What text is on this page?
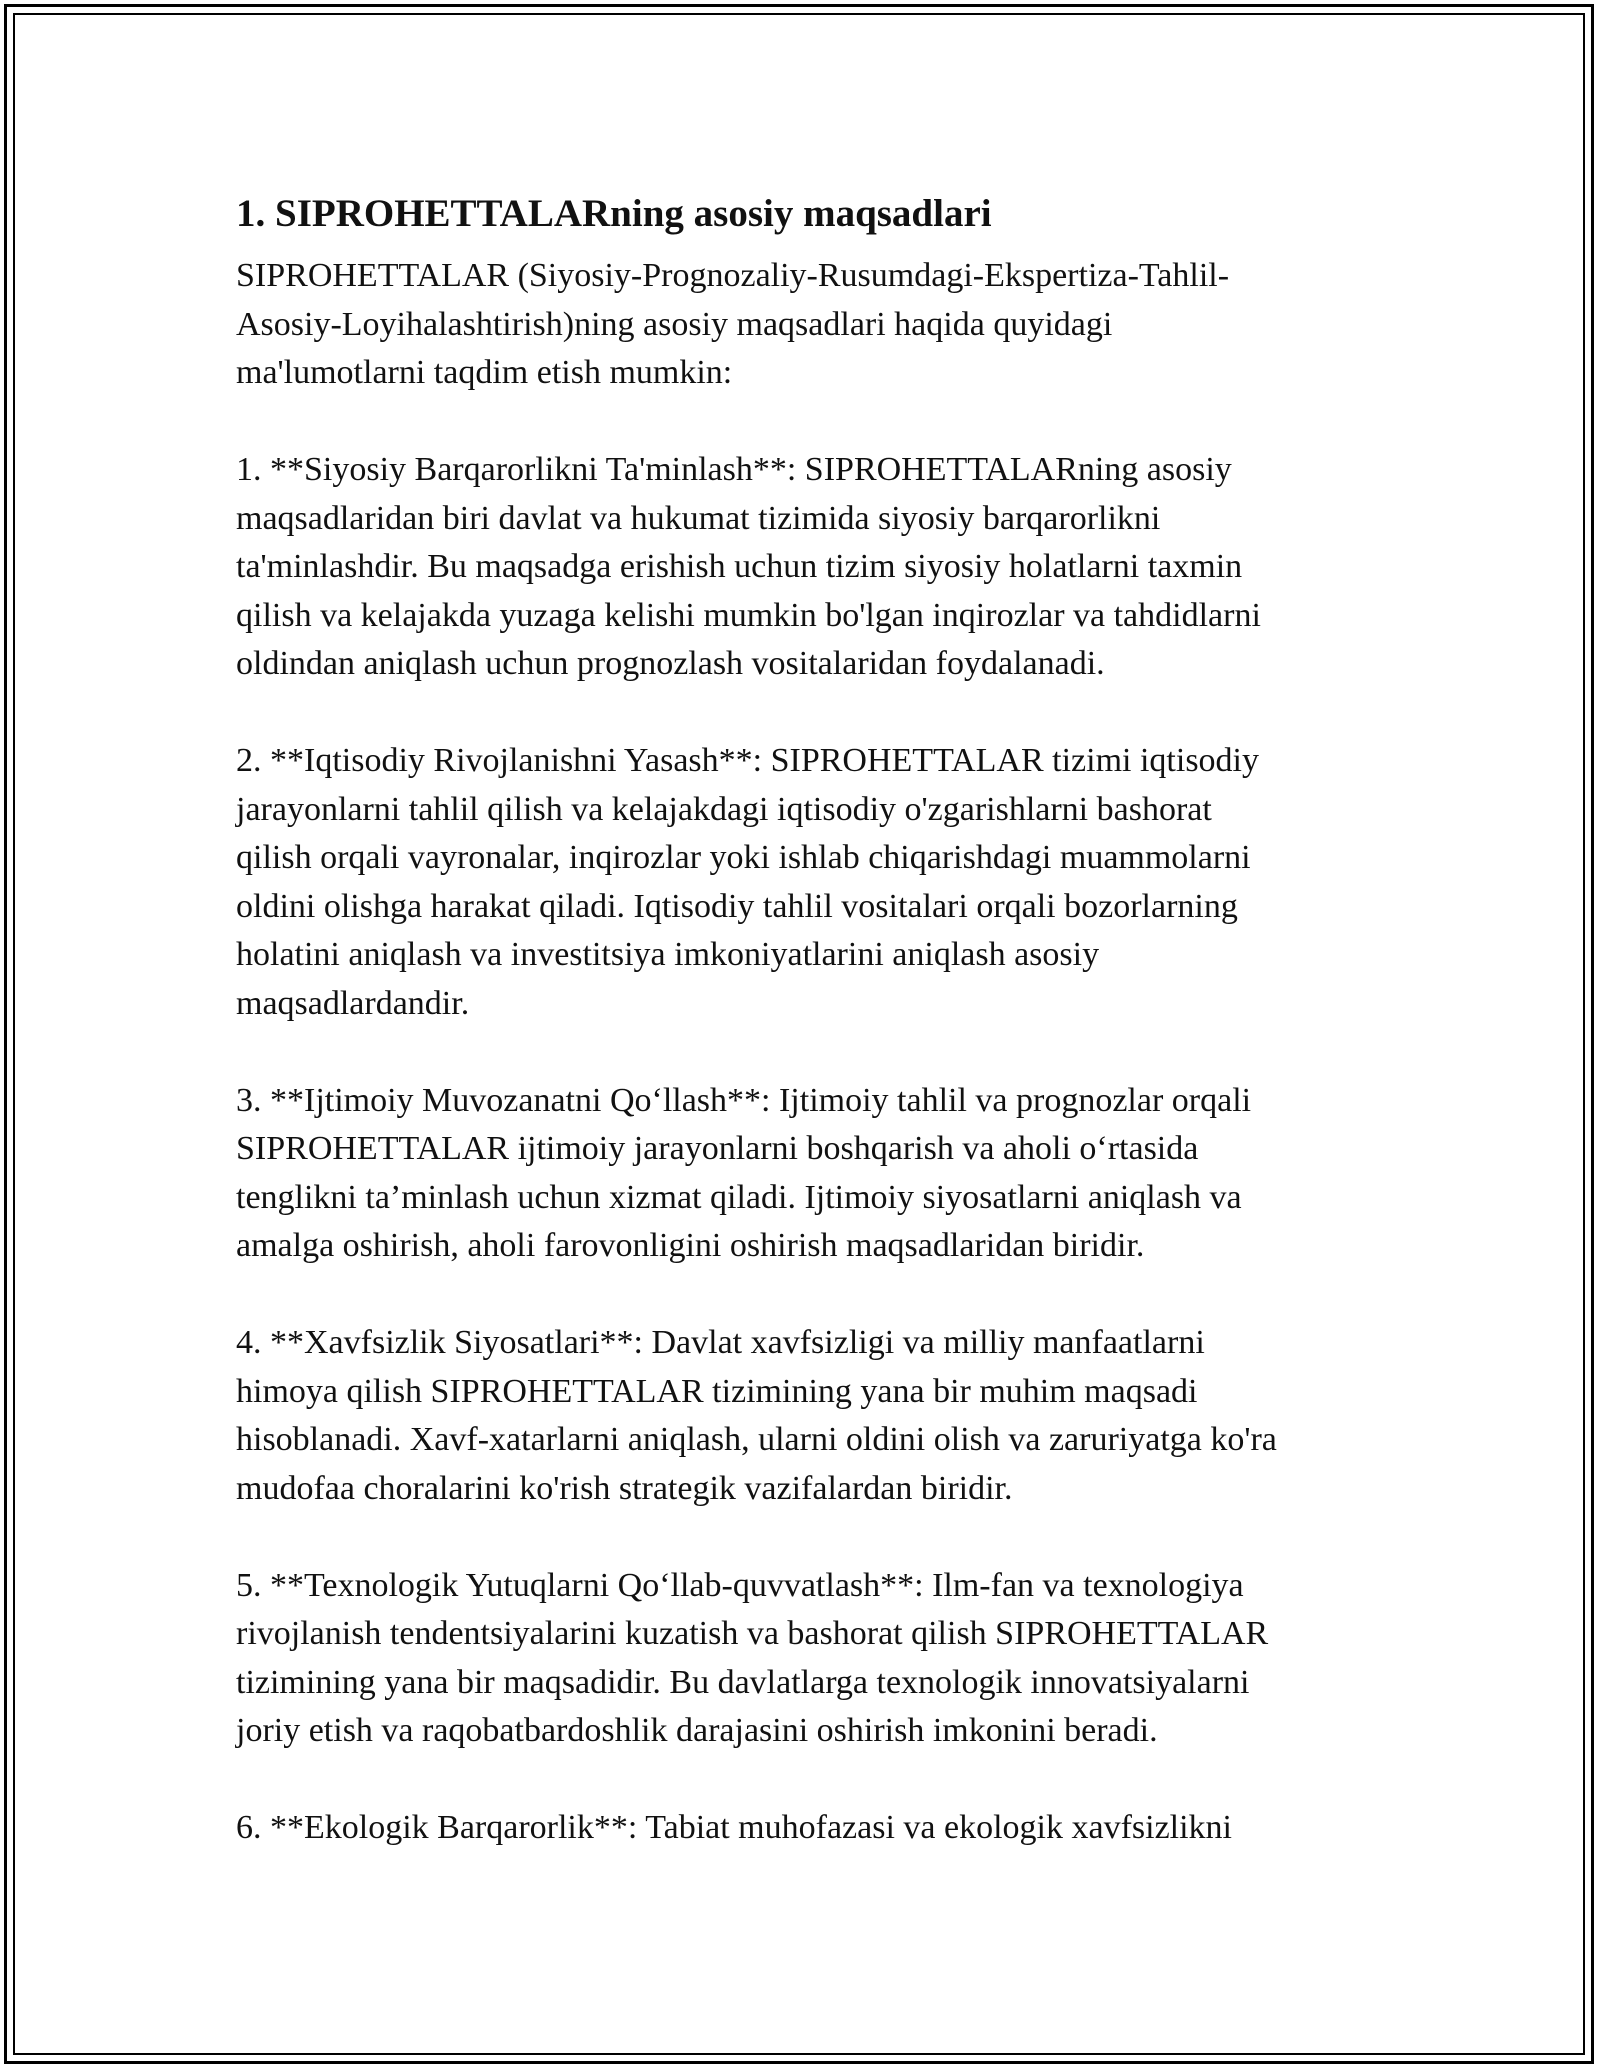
1. SIPROHETTALARning asosiy maqsadlari
SIPROHETTALAR (Siyosiy-Prognozaliy-Rusumdagi-Ekspertiza-Tahlil-
Asosiy-Loyihalashtirish)ning asosiy maqsadlari haqida quyidagi
ma'lumotlarni taqdim etish mumkin:
1. **Siyosiy Barqarorlikni Ta'minlash**: SIPROHETTALARning asosiy
maqsadlaridan biri davlat va hukumat tizimida siyosiy barqarorlikni
ta'minlashdir. Bu maqsadga erishish uchun tizim siyosiy holatlarni taxmin
qilish va kelajakda yuzaga kelishi mumkin bo'lgan inqirozlar va tahdidlarni
oldindan aniqlash uchun prognozlash vositalaridan foydalanadi.
2. **Iqtisodiy Rivojlanishni Yasash**: SIPROHETTALAR tizimi iqtisodiy
jarayonlarni tahlil qilish va kelajakdagi iqtisodiy o'zgarishlarni bashorat
qilish orqali vayronalar, inqirozlar yoki ishlab chiqarishdagi muammolarni
oldini olishga harakat qiladi. Iqtisodiy tahlil vositalari orqali bozorlarning
holatini aniqlash va investitsiya imkoniyatlarini aniqlash asosiy
maqsadlardandir.
3. **Ijtimoiy Muvozanatni Qo‘llash**: Ijtimoiy tahlil va prognozlar orqali
SIPROHETTALAR ijtimoiy jarayonlarni boshqarish va aholi o‘rtasida
tenglikni ta’minlash uchun xizmat qiladi. Ijtimoiy siyosatlarni aniqlash va
amalga oshirish, aholi farovonligini oshirish maqsadlaridan biridir.
4. **Xavfsizlik Siyosatlari**: Davlat xavfsizligi va milliy manfaatlarni
himoya qilish SIPROHETTALAR tizimining yana bir muhim maqsadi
hisoblanadi. Xavf-xatarlarni aniqlash, ularni oldini olish va zaruriyatga ko'ra
mudofaa choralarini ko'rish strategik vazifalardan biridir.
5. **Texnologik Yutuqlarni Qo‘llab-quvvatlash**: Ilm-fan va texnologiya
rivojlanish tendentsiyalarini kuzatish va bashorat qilish SIPROHETTALAR
tizimining yana bir maqsadidir. Bu davlatlarga texnologik innovatsiyalarni
joriy etish va raqobatbardoshlik darajasini oshirish imkonini beradi.
6. **Ekologik Barqarorlik**: Tabiat muhofazasi va ekologik xavfsizlikni
